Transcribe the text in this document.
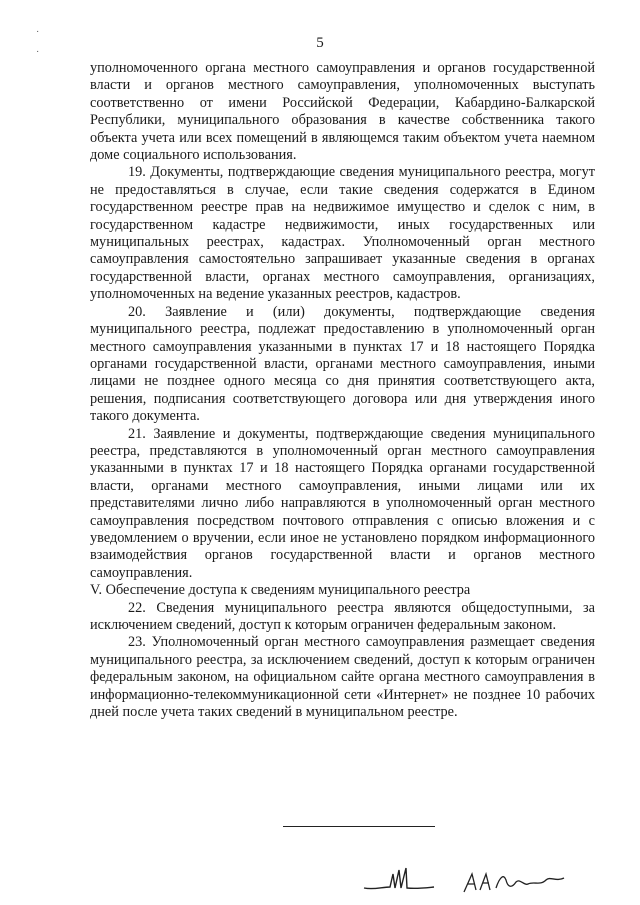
5
·
·

уполномоченного органа местного самоуправления и органов государственной власти и органов местного самоуправления, уполномоченных выступать соответственно от имени Российской Федерации, Кабардино-Балкарской Республики, муниципального образования в качестве собственника такого объекта учета или всех помещений в являющемся таким объектом учета наемном доме социального использования.

19. Документы, подтверждающие сведения муниципального реестра, могут не предоставляться в случае, если такие сведения содержатся в Едином государственном реестре прав на недвижимое имущество и сделок с ним, в государственном кадастре недвижимости, иных государственных или муниципальных реестрах, кадастрах. Уполномоченный орган местного самоуправления самостоятельно запрашивает указанные сведения в органах государственной власти, органах местного самоуправления, организациях, уполномоченных на ведение указанных реестров, кадастров.

20. Заявление и (или) документы, подтверждающие сведения муниципального реестра, подлежат предоставлению в уполномоченный орган местного самоуправления указанными в пунктах 17 и 18 настоящего Порядка органами государственной власти, органами местного самоуправления, иными лицами не позднее одного месяца со дня принятия соответствующего акта, решения, подписания соответствующего договора или дня утверждения иного такого документа.

21. Заявление и документы, подтверждающие сведения муниципального реестра, представляются в уполномоченный орган местного самоуправления указанными в пунктах 17 и 18 настоящего Порядка органами государственной власти, органами местного самоуправления, иными лицами или их представителями лично либо направляются в уполномоченный орган местного самоуправления посредством почтового отправления с описью вложения и с уведомлением о вручении, если иное не установлено порядком информационного взаимодействия органов государственной власти и органов местного самоуправления.

V. Обеспечение доступа к сведениям муниципального реестра

22. Сведения муниципального реестра являются общедоступными, за исключением сведений, доступ к которым ограничен федеральным законом.

23. Уполномоченный орган местного самоуправления размещает сведения муниципального реестра, за исключением сведений, доступ к которым ограничен федеральным законом, на официальном сайте органа местного самоуправления в информационно-телекоммуникационной сети «Интернет» не позднее 10 рабочих дней после учета таких сведений в муниципальном реестре.
